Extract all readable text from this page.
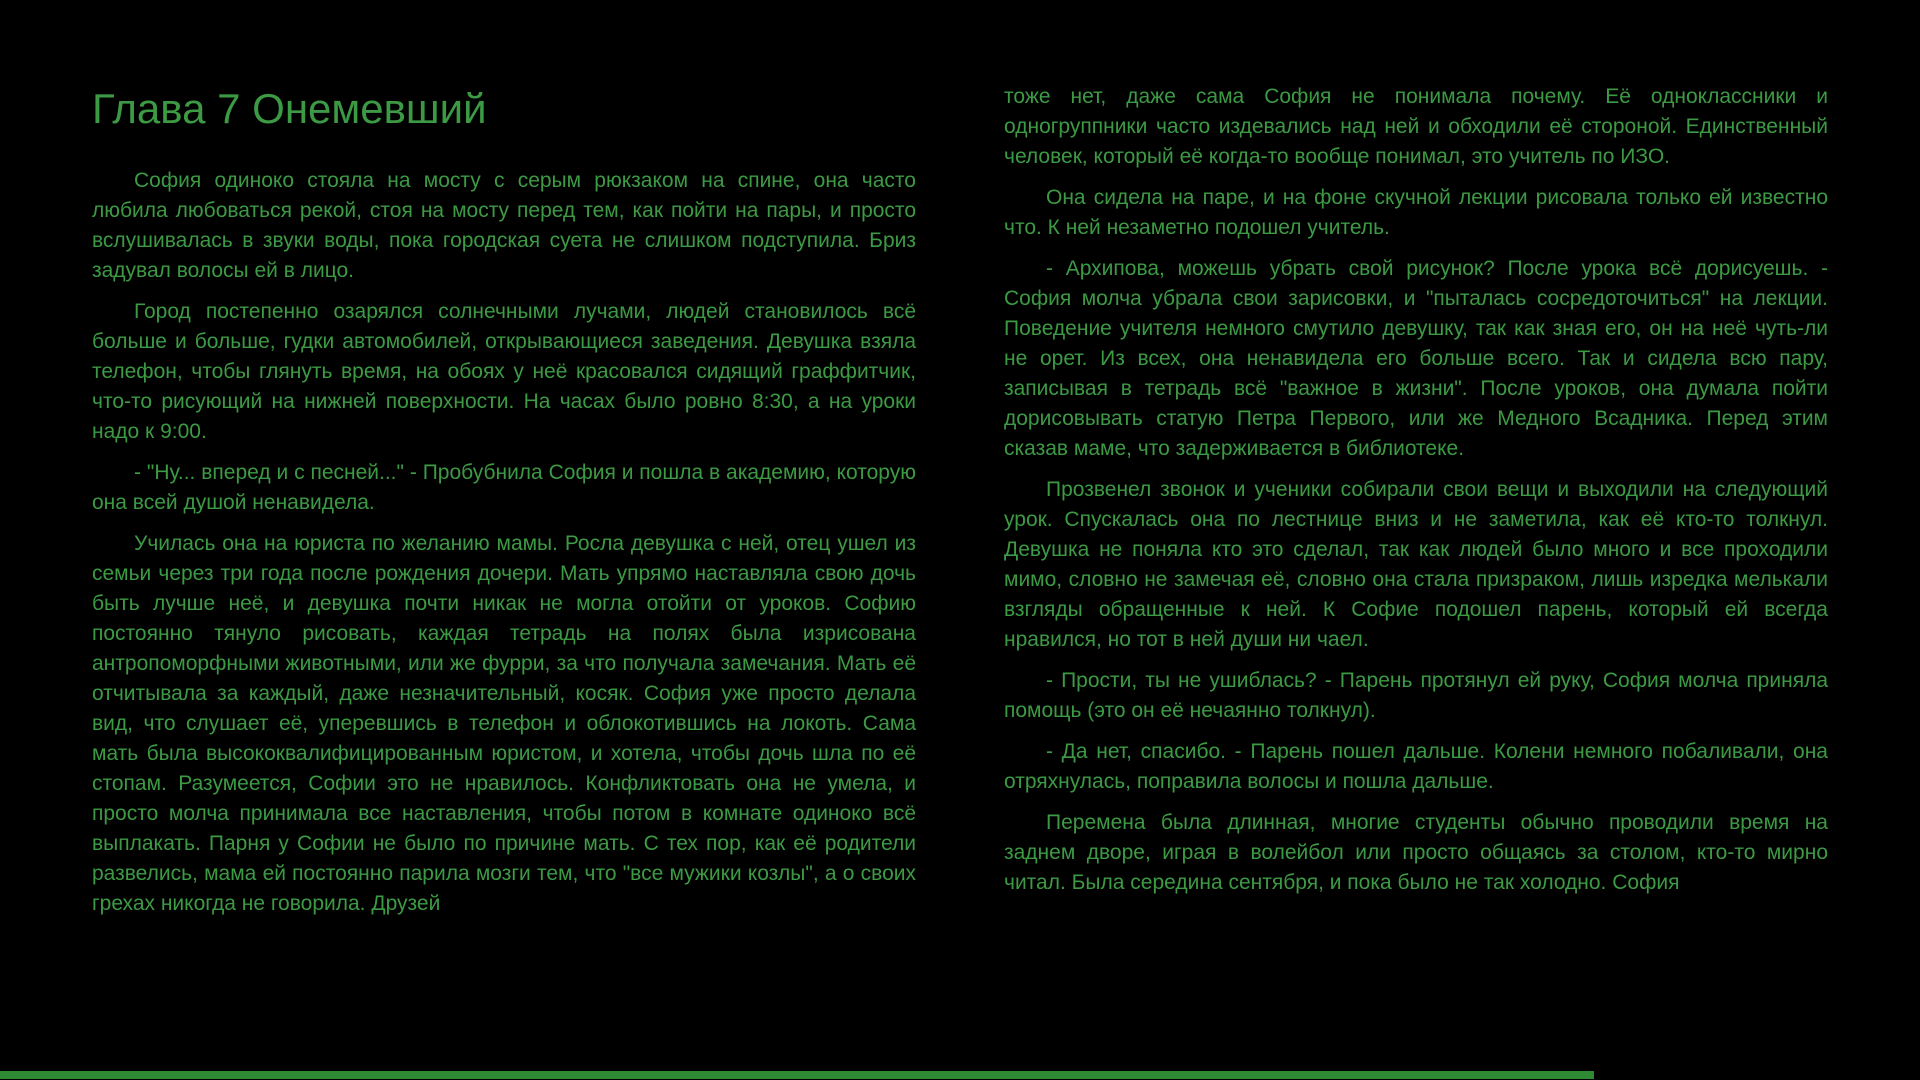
Глава 7 Онемевший

София одиноко стояла на мосту с серым рюкзаком на спине, она часто любила любоваться рекой, стоя на мосту перед тем, как пойти на пары, и просто вслушивалась в звуки воды, пока городская суета не слишком подступила. Бриз задувал волосы ей в лицо.

Город постепенно озарялся солнечными лучами, людей становилось всё больше и больше, гудки автомобилей, открывающиеся заведения. Девушка взяла телефон, чтобы глянуть время, на обоях у неё красовался сидящий граффитчик, что-то рисующий на нижней поверхности. На часах было ровно 8:30, а на уроки надо к 9:00.

- "Ну... вперед и с песней..." - Пробубнила София и пошла в академию, которую она всей душой ненавидела.

Училась она на юриста по желанию мамы. Росла девушка с ней, отец ушел из семьи через три года после рождения дочери. Мать упрямо наставляла свою дочь быть лучше неё, и девушка почти никак не могла отойти от уроков. Софию постоянно тянуло рисовать, каждая тетрадь на полях была изрисована антропоморфными животными, или же фурри, за что получала замечания. Мать её отчитывала за каждый, даже незначительный, косяк. София уже просто делала вид, что слушает её, уперевшись в телефон и облокотившись на локоть. Сама мать была высококвалифицированным юристом, и хотела, чтобы дочь шла по её стопам. Разумеется, Софии это не нравилось. Конфликтовать она не умела, и просто молча принимала все наставления, чтобы потом в комнате одиноко всё выплакать. Парня у Софии не было по причине мать. С тех пор, как её родители развелись, мама ей постоянно парила мозги тем, что "все мужики козлы", а о своих грехах никогда не говорила. Друзей

тоже нет, даже сама София не понимала почему. Её одноклассники и одногруппники часто издевались над ней и обходили её стороной. Единственный человек, который её когда-то вообще понимал, это учитель по ИЗО.

Она сидела на паре, и на фоне скучной лекции рисовала только ей известно что. К ней незаметно подошел учитель.

- Архипова, можешь убрать свой рисунок? После урока всё дорисуешь. - София молча убрала свои зарисовки, и "пыталась сосредоточиться" на лекции. Поведение учителя немного смутило девушку, так как зная его, он на неё чуть-ли не орет. Из всех, она ненавидела его больше всего. Так и сидела всю пару, записывая в тетрадь всё "важное в жизни". После уроков, она думала пойти дорисовывать статую Петра Первого, или же Медного Всадника. Перед этим сказав маме, что задерживается в библиотеке.

Прозвенел звонок и ученики собирали свои вещи и выходили на следующий урок. Спускалась она по лестнице вниз и не заметила, как её кто-то толкнул. Девушка не поняла кто это сделал, так как людей было много и все проходили мимо, словно не замечая её, словно она стала призраком, лишь изредка мелькали взгляды обращенные к ней. К Софие подошел парень, который ей всегда нравился, но тот в ней души ни чаел.

- Прости, ты не ушиблась? - Парень протянул ей руку, София молча приняла помощь (это он её нечаянно толкнул).

- Да нет, спасибо. - Парень пошел дальше. Колени немного побаливали, она отряхнулась, поправила волосы и пошла дальше.

Перемена была длинная, многие студенты обычно проводили время на заднем дворе, играя в волейбол или просто общаясь за столом, кто-то мирно читал. Была середина сентября, и пока было не так холодно. София
